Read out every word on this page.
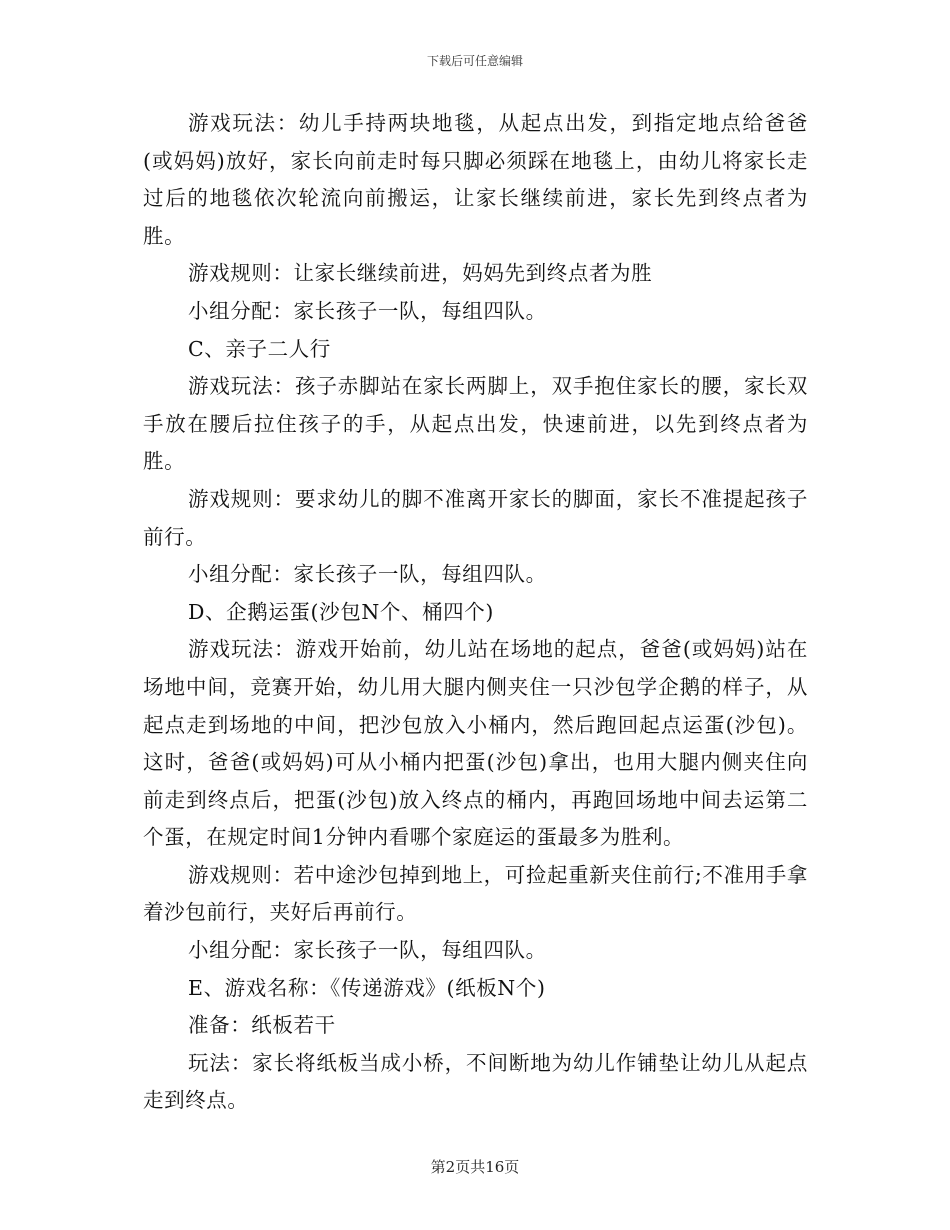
下载后可任意编辑

游戏玩法：幼儿手持两块地毯，从起点出发，到指定地点给爸爸(或妈妈)放好，家长向前走时每只脚必须踩在地毯上，由幼儿将家长走过后的地毯依次轮流向前搬运，让家长继续前进，家长先到终点者为胜。

游戏规则：让家长继续前进，妈妈先到终点者为胜

小组分配：家长孩子一队，每组四队。

C、亲子二人行

游戏玩法：孩子赤脚站在家长两脚上，双手抱住家长的腰，家长双手放在腰后拉住孩子的手，从起点出发，快速前进，以先到终点者为胜。

游戏规则：要求幼儿的脚不准离开家长的脚面，家长不准提起孩子前行。

小组分配：家长孩子一队，每组四队。

D、企鹅运蛋(沙包N个、桶四个)

游戏玩法：游戏开始前，幼儿站在场地的起点，爸爸(或妈妈)站在场地中间，竞赛开始，幼儿用大腿内侧夹住一只沙包学企鹅的样子，从起点走到场地的中间，把沙包放入小桶内，然后跑回起点运蛋(沙包)。这时，爸爸(或妈妈)可从小桶内把蛋(沙包)拿出，也用大腿内侧夹住向前走到终点后，把蛋(沙包)放入终点的桶内，再跑回场地中间去运第二个蛋，在规定时间1分钟内看哪个家庭运的蛋最多为胜利。

游戏规则：若中途沙包掉到地上，可捡起重新夹住前行;不准用手拿着沙包前行，夹好后再前行。

小组分配：家长孩子一队，每组四队。

E、游戏名称：《传递游戏》(纸板N个)

准备：纸板若干

玩法：家长将纸板当成小桥，不间断地为幼儿作铺垫让幼儿从起点走到终点。

第2页共16页
